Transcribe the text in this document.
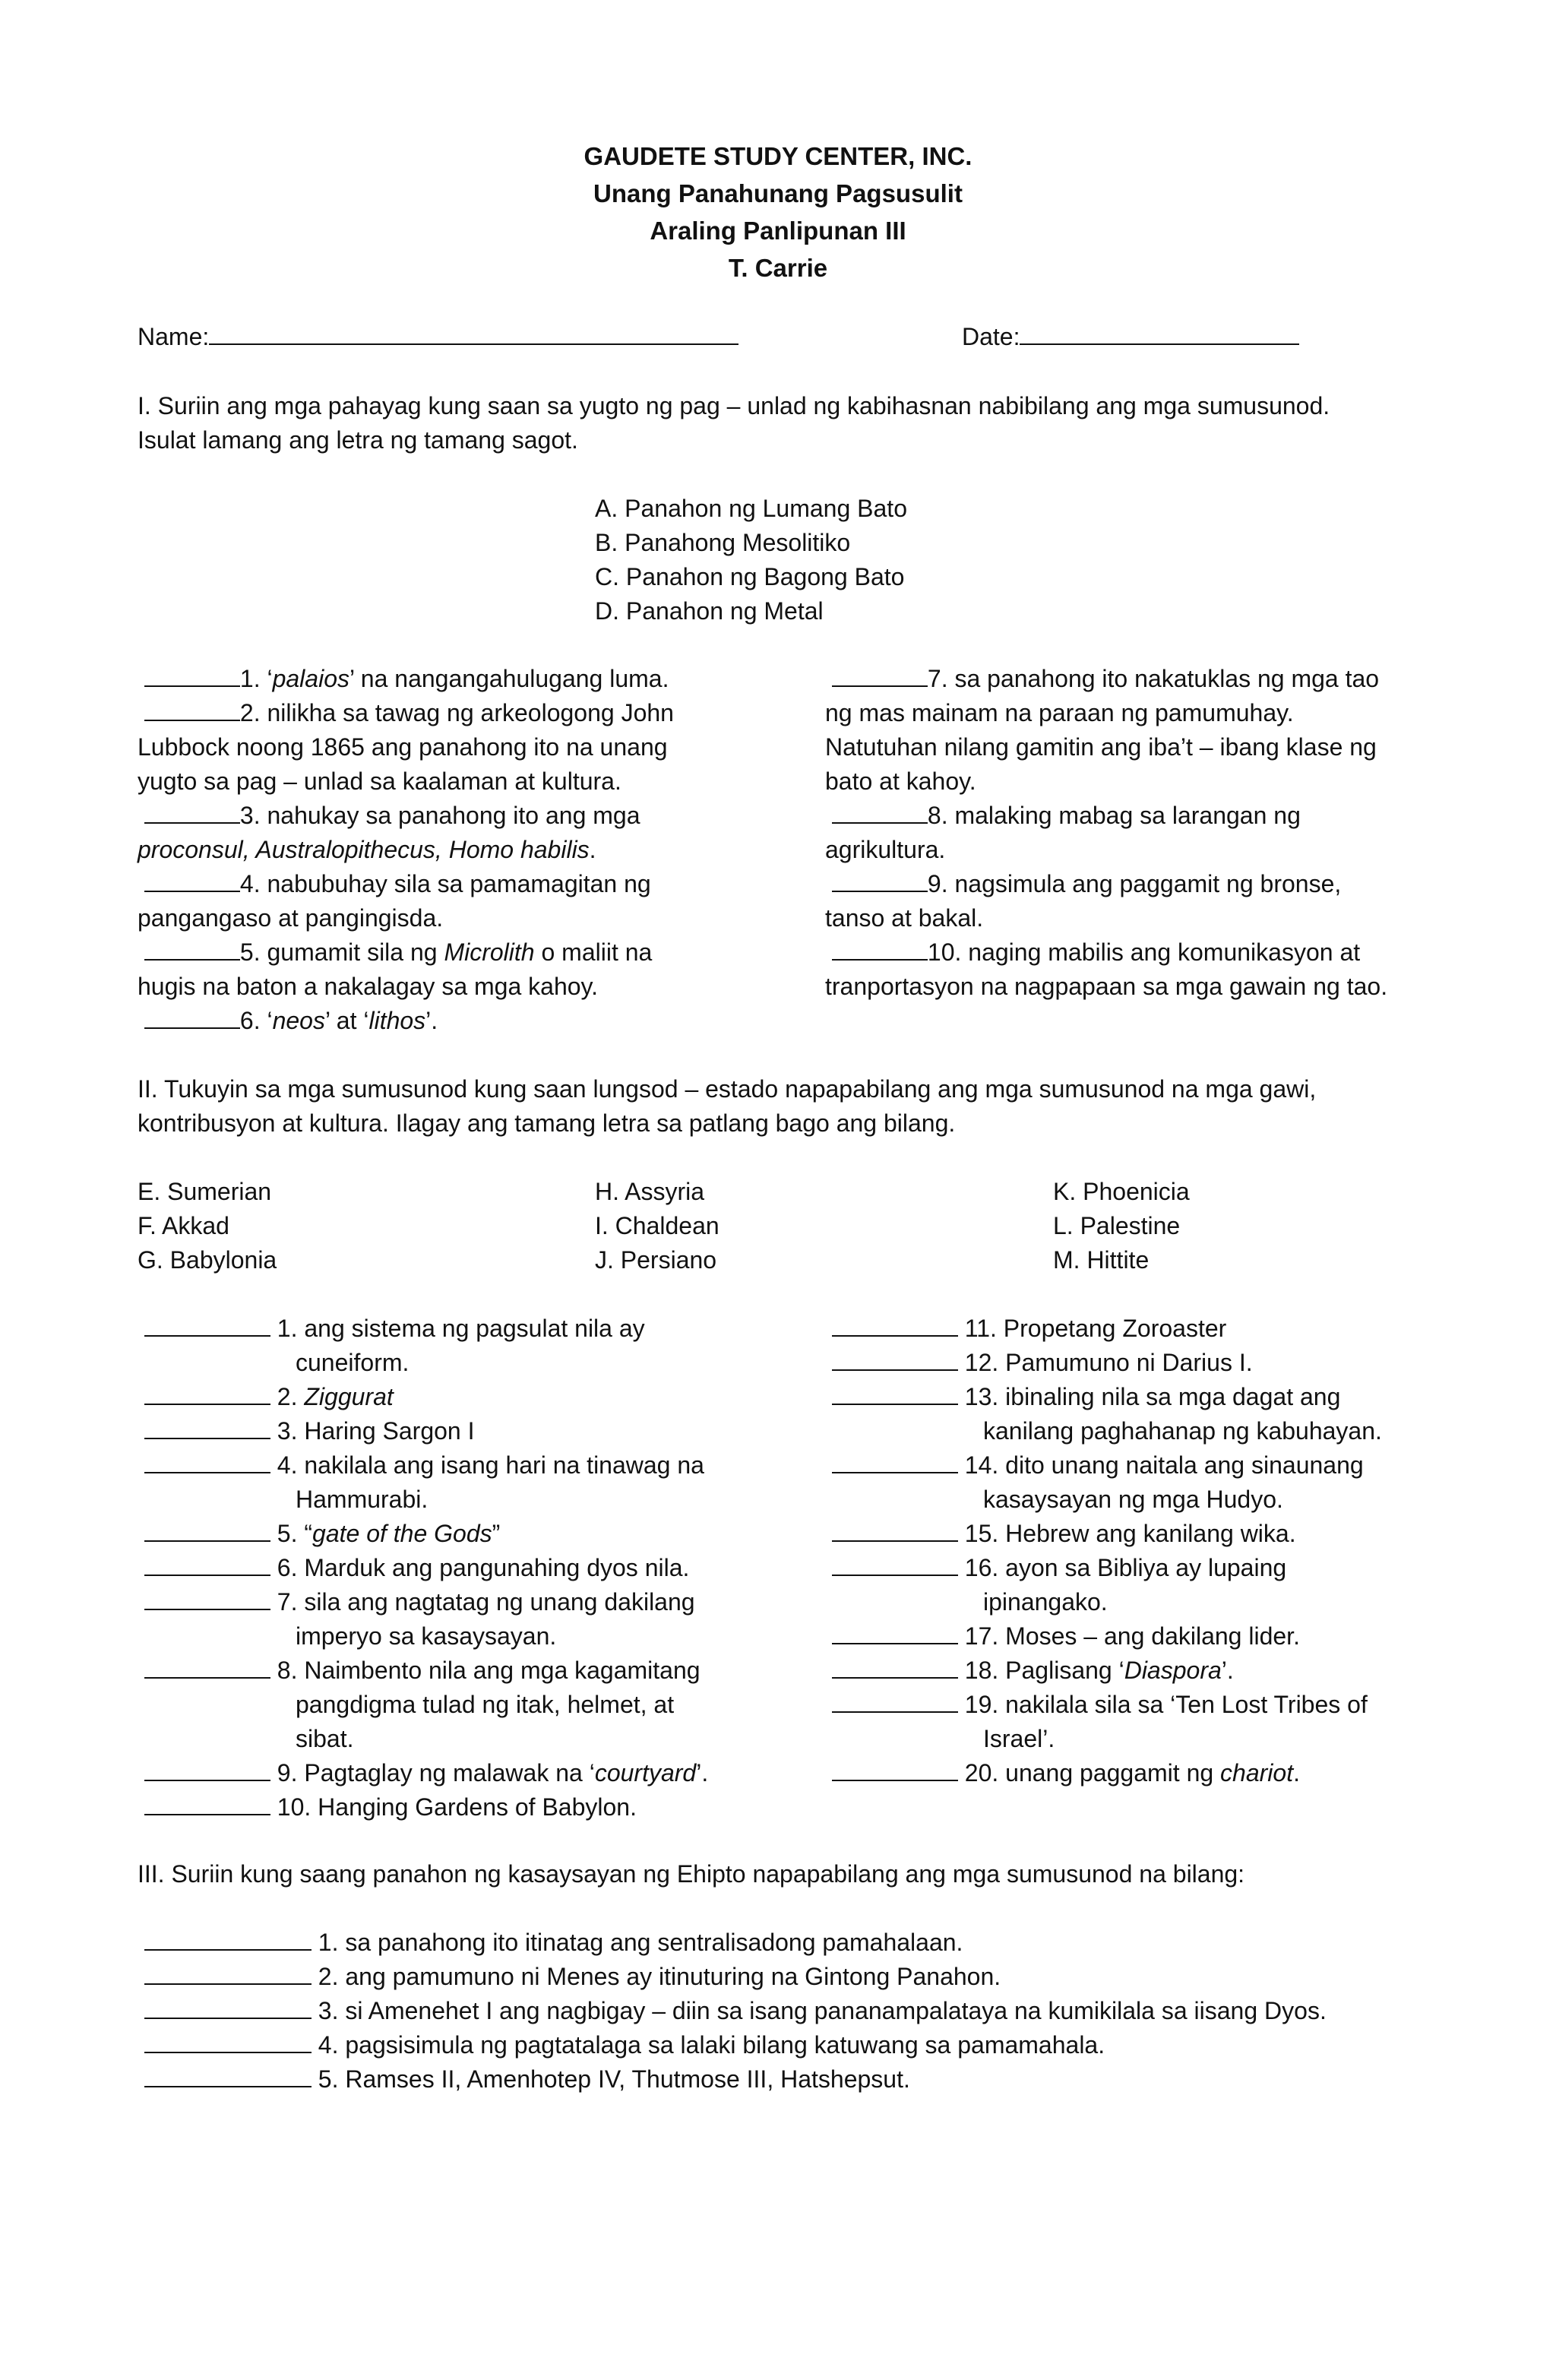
GAUDETE STUDY CENTER, INC.
Unang Panahunang Pagsusulit
Araling Panlipunan III
T. Carrie
Name:	Date:
I. Suriin ang mga pahayag kung saan sa yugto ng pag – unlad ng kabihasnan nabibilang ang mga sumusunod.
Isulat lamang ang letra ng tamang sagot.
A. Panahon ng Lumang Bato
B. Panahong Mesolitiko
C. Panahon ng Bagong Bato
D. Panahon ng Metal
1. ‘palaios’ na nangangahulugang luma.
2. nilikha sa tawag ng arkeologong John
Lubbock noong 1865 ang panahong ito na unang
yugto sa pag – unlad sa kaalaman at kultura.
3. nahukay sa panahong ito ang mga
proconsul, Australopithecus, Homo habilis.
4. nabubuhay sila sa pamamagitan ng
pangangaso at pangingisda.
5. gumamit sila ng Microlith o maliit na
hugis na baton a nakalagay sa mga kahoy.
6. ‘neos’ at ‘lithos’.
7. sa panahong ito nakatuklas ng mga tao
ng mas mainam na paraan ng pamumuhay.
Natutuhan nilang gamitin ang iba’t – ibang klase ng
bato at kahoy.
8. malaking mabag sa larangan ng
agrikultura.
9. nagsimula ang paggamit ng bronse,
tanso at bakal.
10. naging mabilis ang komunikasyon at
tranportasyon na nagpapaan sa mga gawain ng tao.
II. Tukuyin sa mga sumusunod kung saan lungsod – estado napapabilang ang mga sumusunod na mga gawi,
kontribusyon at kultura. Ilagay ang tamang letra sa patlang bago ang bilang.
E. Sumerian
F. Akkad
G. Babylonia
H. Assyria
I. Chaldean
J. Persiano
K. Phoenicia
L. Palestine
M. Hittite
1. ang sistema ng pagsulat nila ay
cuneiform.
2. Ziggurat
3. Haring Sargon I
4. nakilala ang isang hari na tinawag na
Hammurabi.
5. “gate of the Gods”
6. Marduk ang pangunahing dyos nila.
7. sila ang nagtatag ng unang dakilang
imperyo sa kasaysayan.
8. Naimbento nila ang mga kagamitang
pangdigma tulad ng itak, helmet, at
sibat.
9. Pagtaglay ng malawak na ‘courtyard’.
10. Hanging Gardens of Babylon.
11. Propetang Zoroaster
12. Pamumuno ni Darius I.
13. ibinaling nila sa mga dagat ang
kanilang paghahanap ng kabuhayan.
14. dito unang naitala ang sinaunang
kasaysayan ng mga Hudyo.
15. Hebrew ang kanilang wika.
16. ayon sa Bibliya ay lupaing
ipinangako.
17. Moses – ang dakilang lider.
18. Paglisang ‘Diaspora’.
19. nakilala sila sa ‘Ten Lost Tribes of
Israel’.
20. unang paggamit ng chariot.
III. Suriin kung saang panahon ng kasaysayan ng Ehipto napapabilang ang mga sumusunod na bilang:
1. sa panahong ito itinatag ang sentralisadong pamahalaan.
2. ang pamumuno ni Menes ay itinuturing na Gintong Panahon.
3. si Amenehet I ang nagbigay – diin sa isang pananampalataya na kumikilala sa iisang Dyos.
4. pagsisimula ng pagtatalaga sa lalaki bilang katuwang sa pamamahala.
5. Ramses II, Amenhotep IV, Thutmose III, Hatshepsut.
